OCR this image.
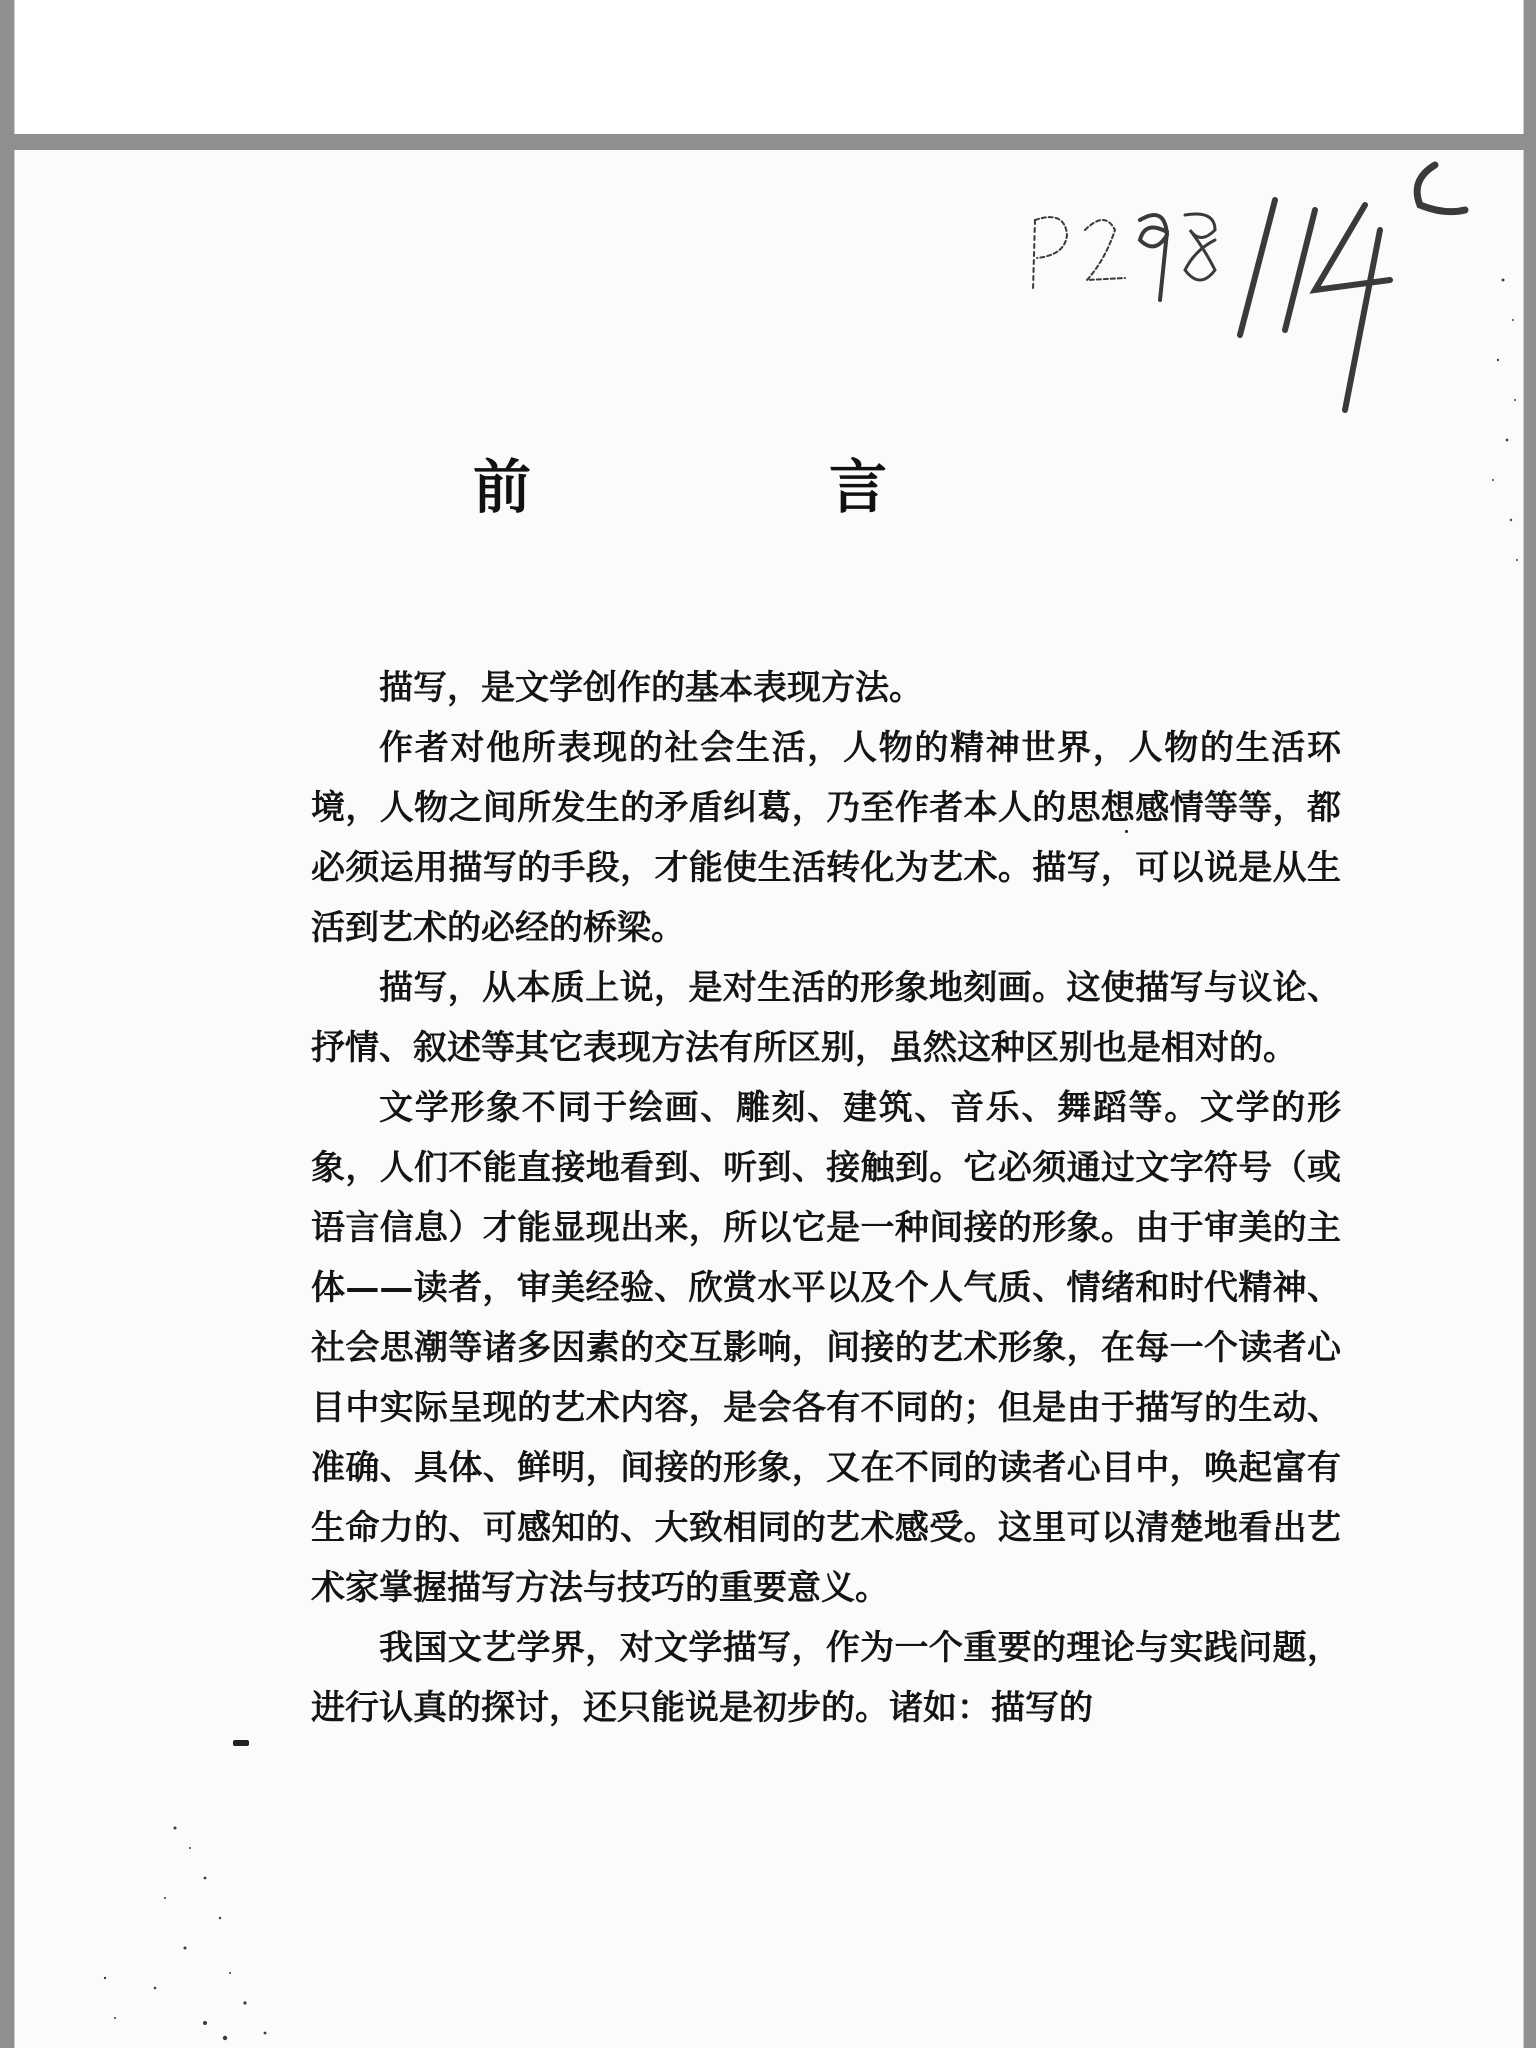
前　言

描写，是文学创作的基本表现方法。

作者对他所表现的社会生活，人物的精神世界，人物的生活环境，人物之间所发生的矛盾纠葛，乃至作者本人的思想感情等等，都必须运用描写的手段，才能使生活转化为艺术。描写，可以说是从生活到艺术的必经的桥梁。

描写，从本质上说，是对生活的形象地刻画。这使描写与议论、抒情、叙述等其它表现方法有所区别，虽然这种区别也是相对的。

文学形象不同于绘画、雕刻、建筑、音乐、舞蹈等。文学的形象，人们不能直接地看到、听到、接触到。它必须通过文字符号（或语言信息）才能显现出来，所以它是一种间接的形象。由于审美的主体——读者，审美经验、欣赏水平以及个人气质、情绪和时代精神、社会思潮等诸多因素的交互影响，间接的艺术形象，在每一个读者心目中实际呈现的艺术内容，是会各有不同的；但是由于描写的生动、准确、具体、鲜明，间接的形象，又在不同的读者心目中，唤起富有生命力的、可感知的、大致相同的艺术感受。这里可以清楚地看出艺术家掌握描写方法与技巧的重要意义。

我国文艺学界，对文学描写，作为一个重要的理论与实践问题，进行认真的探讨，还只能说是初步的。诸如：描写的
